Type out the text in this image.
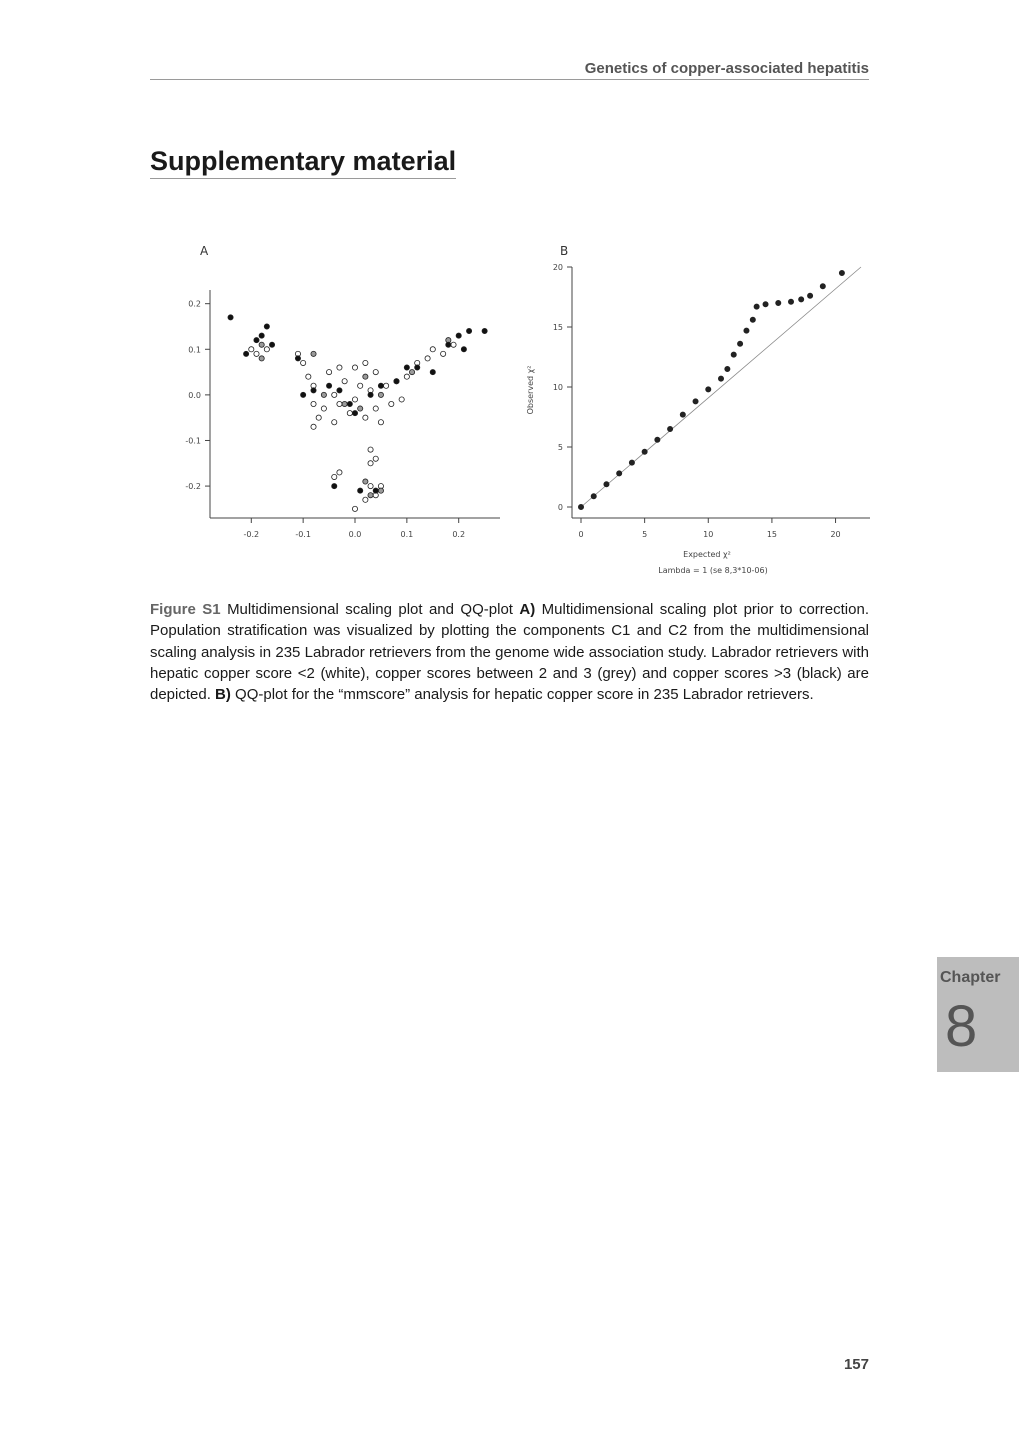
Genetics of copper-associated hepatitis
Supplementary material
A
0.2
0.1
0.0
-0.1
-0.2
-0.2	-0.1	0.0	0.1	0.2
B
20
15
10
5
0
0	5	10	15	20
Observed χ²
Expected χ²
Lambda = 1 (se 8,3*10-06)
Figure S1 Multidimensional scaling plot and QQ-plot A) Multidimensional scaling plot prior to correction. Population stratification was visualized by plotting the components C1 and C2 from the multidimensional scaling analysis in 235 Labrador retrievers from the genome wide association study. Labrador retrievers with hepatic copper score <2 (white), copper scores between 2 and 3 (grey) and copper scores >3 (black) are depicted. B) QQ-plot for the “mmscore” analysis for hepatic copper score in 235 Labrador retrievers.
Chapter
8
157
